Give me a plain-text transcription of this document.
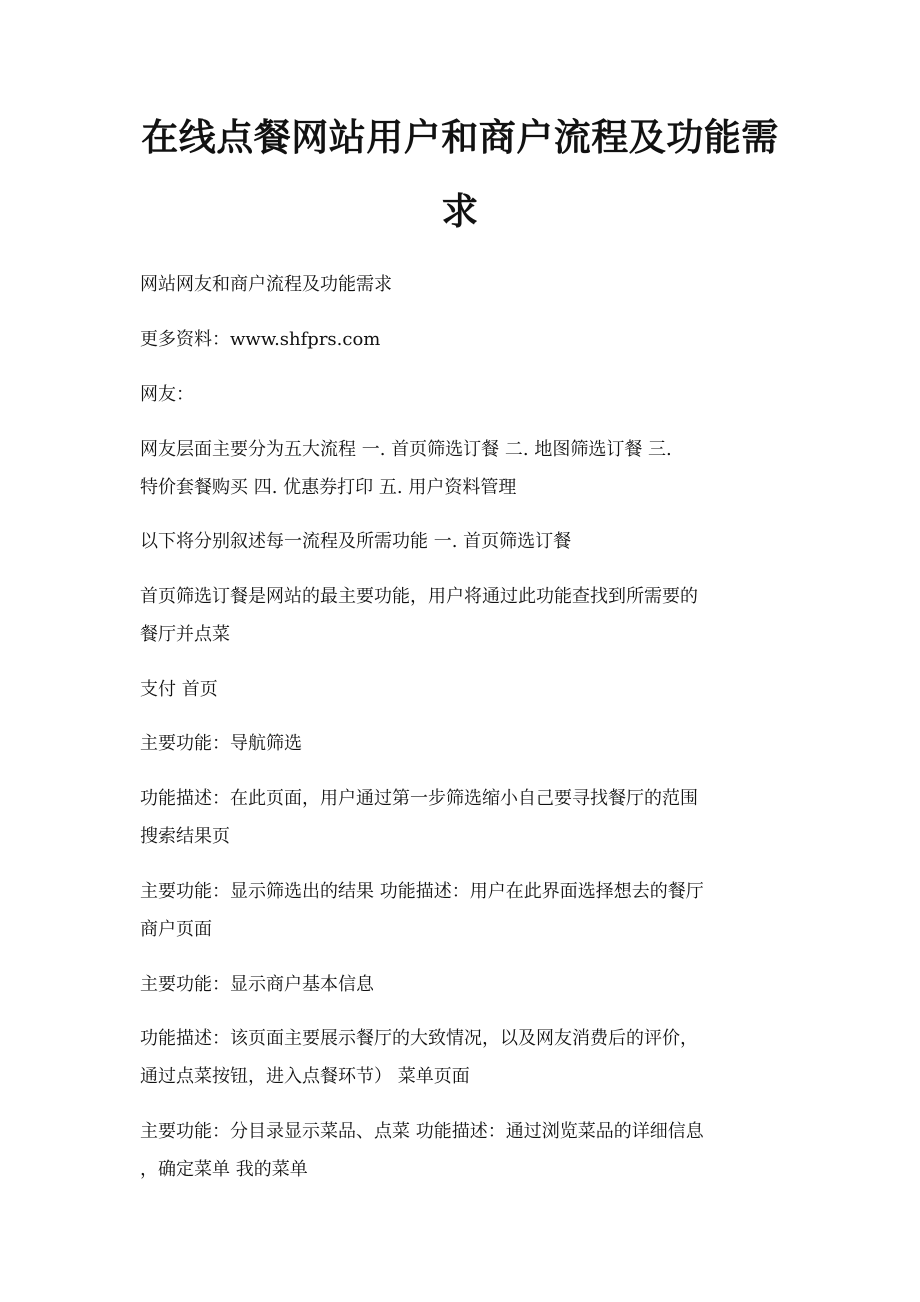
在线点餐网站用户和商户流程及功能需
求

网站网友和商户流程及功能需求

更多资料：www.shfprs.com

网友：

网友层面主要分为五大流程 一. 首页筛选订餐 二. 地图筛选订餐 三.

特价套餐购买 四. 优惠券打印 五. 用户资料管理

以下将分别叙述每一流程及所需功能 一. 首页筛选订餐

首页筛选订餐是网站的最主要功能，用户将通过此功能查找到所需要的

餐厅并点菜

支付 首页

主要功能：导航筛选

功能描述：在此页面，用户通过第一步筛选缩小自己要寻找餐厅的范围

搜索结果页

主要功能：显示筛选出的结果 功能描述：用户在此界面选择想去的餐厅

商户页面

主要功能：显示商户基本信息

功能描述：该页面主要展示餐厅的大致情况，以及网友消费后的评价，

通过点菜按钮，进入点餐环节） 菜单页面

主要功能：分目录显示菜品、点菜 功能描述：通过浏览菜品的详细信息

，确定菜单 我的菜单
